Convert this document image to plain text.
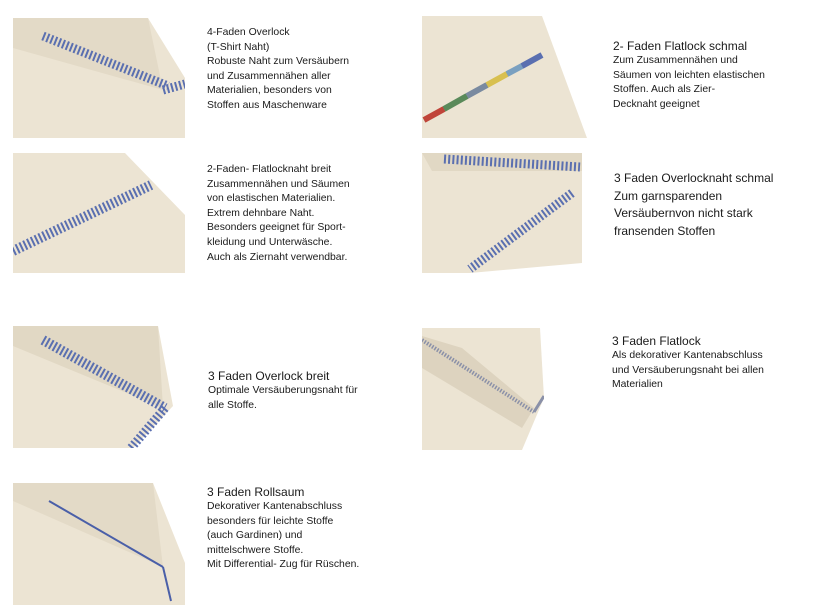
4-Faden Overlock
(T-Shirt Naht)
Robuste Naht zum Versäubern
und Zusammennähen aller
Materialien, besonders von
Stoffen aus Maschenware
2- Faden Flatlock schmal
Zum Zusammennähen und
Säumen von leichten elastischen
Stoffen. Auch als Zier-
Decknaht geeignet
2-Faden- Flatlocknaht breit
Zusammennähen und Säumen
von elastischen Materialien.
Extrem dehnbare Naht.
Besonders geeignet für Sport-
kleidung und Unterwäsche.
Auch als Ziernaht verwendbar.
3 Faden Overlocknaht schmal
Zum garnsparenden
Versäubernvon nicht stark
fransenden Stoffen
3 Faden Overlock breit
Optimale Versäuberungsnaht für
alle Stoffe.
3 Faden Flatlock
Als dekorativer Kantenabschluss
und Versäuberungsnaht bei allen
Materialien
3 Faden Rollsaum
Dekorativer Kantenabschluss
besonders für leichte Stoffe
(auch Gardinen) und
mittelschwere Stoffe.
Mit Differential- Zug für Rüschen.
